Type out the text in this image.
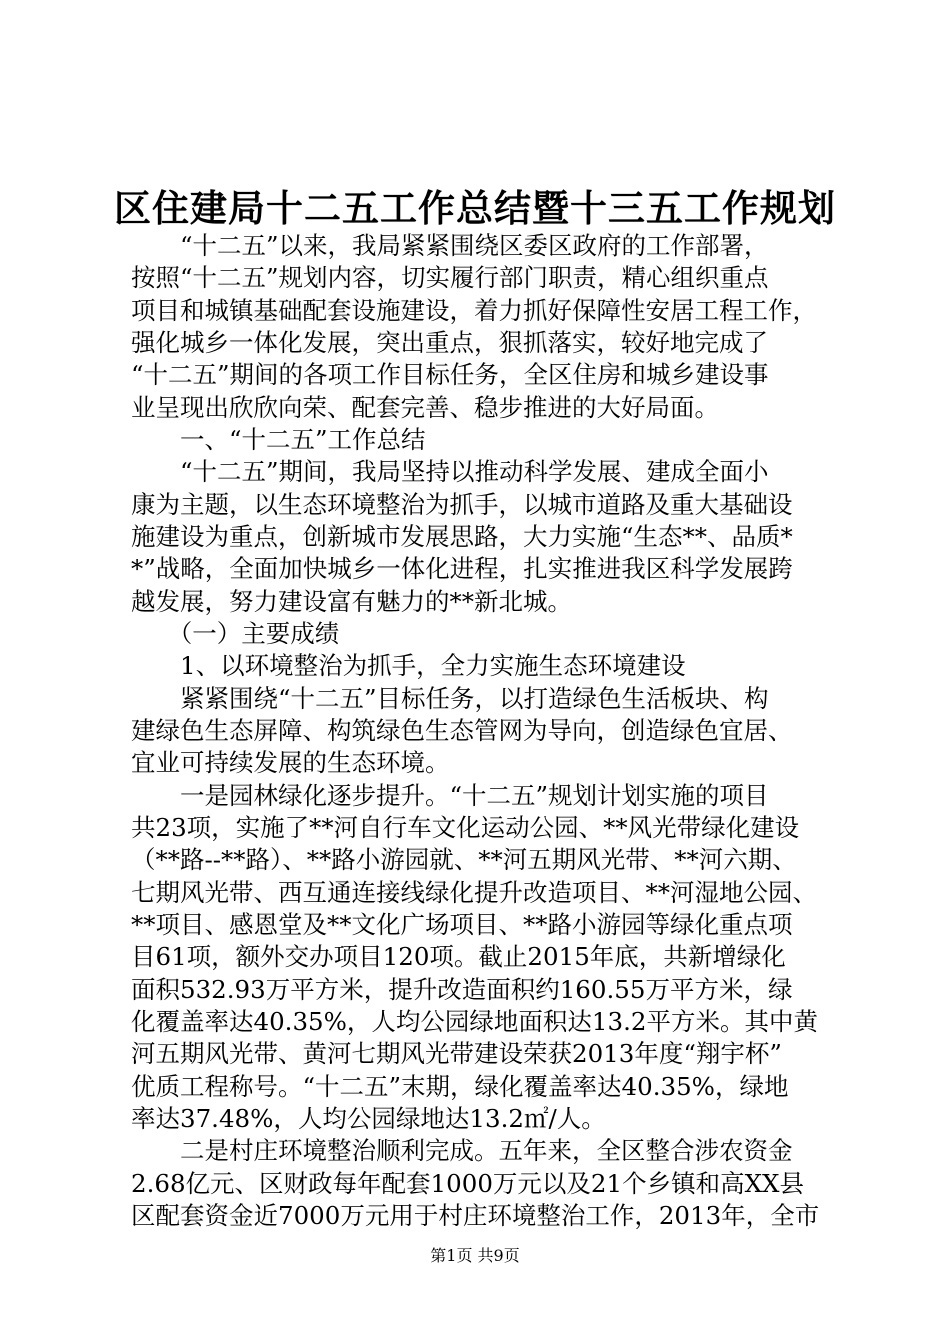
区住建局十二五工作总结暨十三五工作规划
　　“十二五”以来，我局紧紧围绕区委区政府的工作部署，
按照“十二五”规划内容，切实履行部门职责，精心组织重点
项目和城镇基础配套设施建设，着力抓好保障性安居工程工作，
强化城乡一体化发展，突出重点，狠抓落实，较好地完成了
“十二五”期间的各项工作目标任务，全区住房和城乡建设事
业呈现出欣欣向荣、配套完善、稳步推进的大好局面。
　　一、“十二五”工作总结
　　“十二五”期间，我局坚持以推动科学发展、建成全面小
康为主题，以生态环境整治为抓手，以城市道路及重大基础设
施建设为重点，创新城市发展思路，大力实施“生态**、品质*
*”战略，全面加快城乡一体化进程，扎实推进我区科学发展跨
越发展，努力建设富有魅力的**新北城。
　　（一）主要成绩
　　1、以环境整治为抓手，全力实施生态环境建设
　　紧紧围绕“十二五”目标任务，以打造绿色生活板块、构
建绿色生态屏障、构筑绿色生态管网为导向，创造绿色宜居、
宜业可持续发展的生态环境。
　　一是园林绿化逐步提升。“十二五”规划计划实施的项目
共23项，实施了**河自行车文化运动公园、**风光带绿化建设
（**路--**路）、**路小游园就、**河五期风光带、**河六期、
七期风光带、西互通连接线绿化提升改造项目、**河湿地公园、
**项目、感恩堂及**文化广场项目、**路小游园等绿化重点项
目61项，额外交办项目120项。截止2015年底，共新增绿化
面积532.93万平方米，提升改造面积约160.55万平方米，绿
化覆盖率达40.35%，人均公园绿地面积达13.2平方米。其中黄
河五期风光带、黄河七期风光带建设荣获2013年度“翔宇杯”
优质工程称号。“十二五”末期，绿化覆盖率达40.35%，绿地
率达37.48%，人均公园绿地达13.2㎡/人。
第1页 共9页
　　二是村庄环境整治顺利完成。五年来，全区整合涉农资金
2.68亿元、区财政每年配套1000万元以及21个乡镇和高XX县
区配套资金近7000万元用于村庄环境整治工作，2013年，全市
